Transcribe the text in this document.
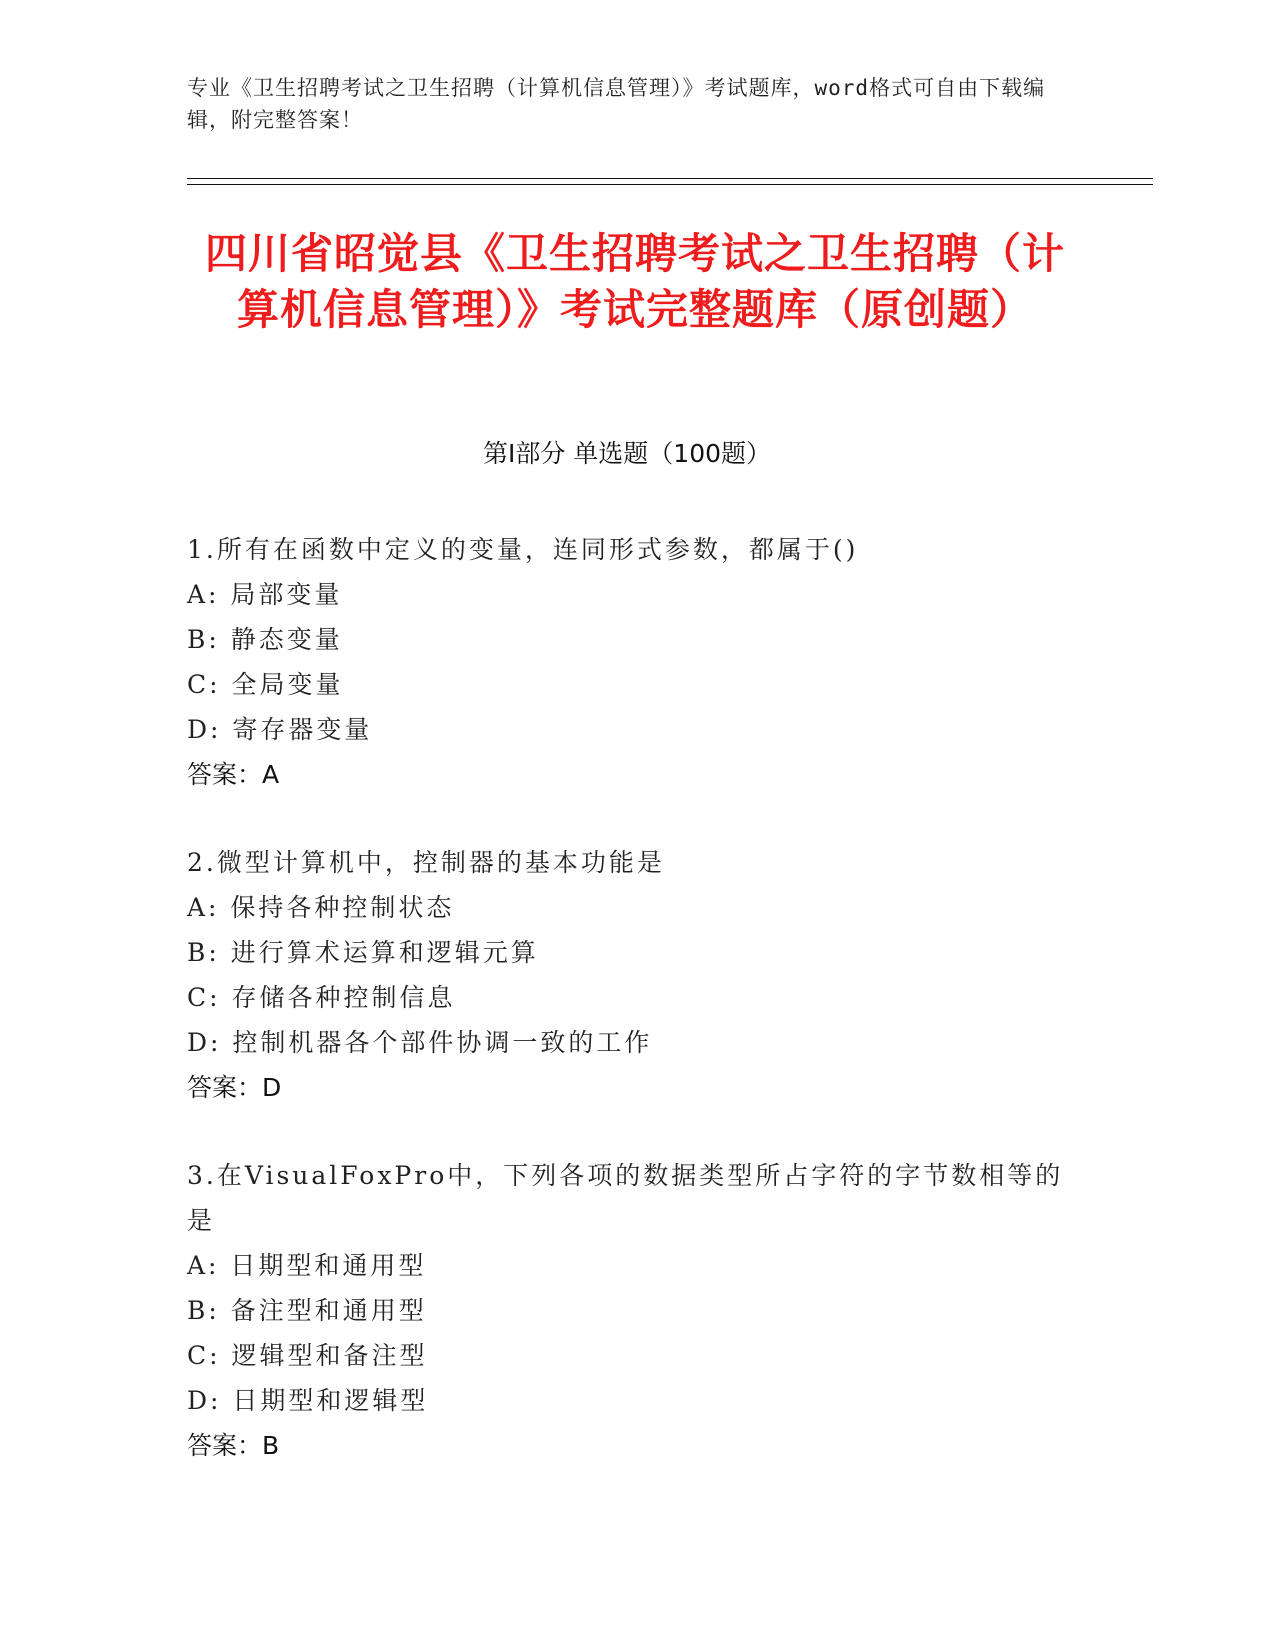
专业《卫生招聘考试之卫生招聘（计算机信息管理）》考试题库，word格式可自由下载编辑，附完整答案！
四川省昭觉县《卫生招聘考试之卫生招聘（计算机信息管理）》考试完整题库（原创题）
第I部分 单选题（100题）
1.所有在函数中定义的变量，连同形式参数，都属于()
A: 局部变量
B: 静态变量
C: 全局变量
D: 寄存器变量
答案：A
2.微型计算机中，控制器的基本功能是
A: 保持各种控制状态
B: 进行算术运算和逻辑元算
C: 存储各种控制信息
D: 控制机器各个部件协调一致的工作
答案：D
3.在VisualFoxPro中，下列各项的数据类型所占字符的字节数相等的是
A: 日期型和通用型
B: 备注型和通用型
C: 逻辑型和备注型
D: 日期型和逻辑型
答案：B
